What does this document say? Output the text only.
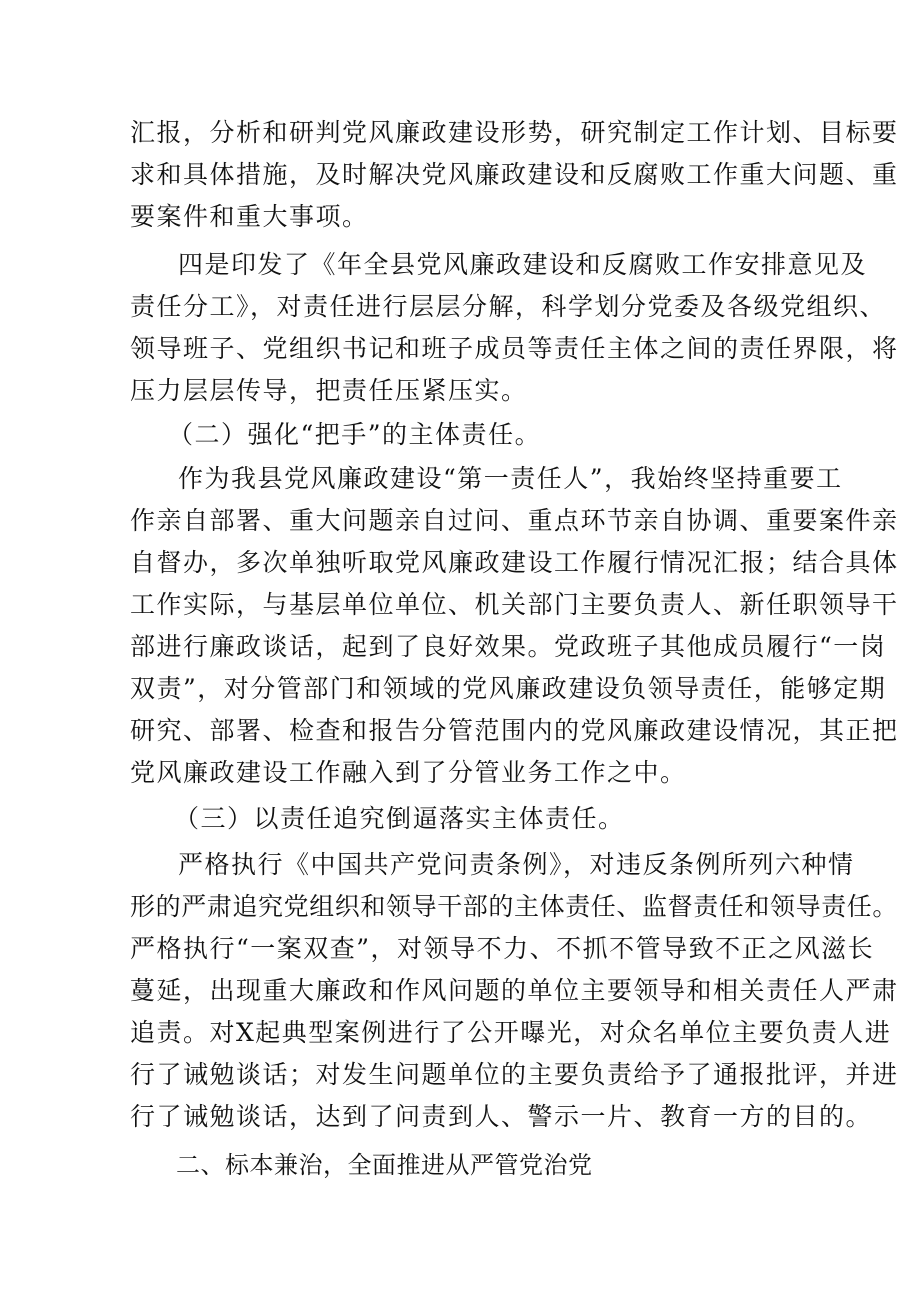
汇报，分析和研判党风廉政建设形势，研究制定工作计划、目标要
求和具体措施，及时解决党风廉政建设和反腐败工作重大问题、重
要案件和重大事项。
四是印发了《年全县党风廉政建设和反腐败工作安排意见及
责任分工》，对责任进行层层分解，科学划分党委及各级党组织、
领导班子、党组织书记和班子成员等责任主体之间的责任界限，将
压力层层传导，把责任压紧压实。
（二）强化“把手”的主体责任。
作为我县党风廉政建设“第一责任人”，我始终坚持重要工
作亲自部署、重大问题亲自过问、重点环节亲自协调、重要案件亲
自督办，多次单独听取党风廉政建设工作履行情况汇报；结合具体
工作实际，与基层单位单位、机关部门主要负责人、新任职领导干
部进行廉政谈话，起到了良好效果。党政班子其他成员履行“一岗
双责”，对分管部门和领域的党风廉政建设负领导责任，能够定期
研究、部署、检查和报告分管范围内的党风廉政建设情况，其正把
党风廉政建设工作融入到了分管业务工作之中。
（三）以责任追究倒逼落实主体责任。
严格执行《中国共产党问责条例》，对违反条例所列六种情
形的严肃追究党组织和领导干部的主体责任、监督责任和领导责任。
严格执行“一案双查”，对领导不力、不抓不管导致不正之风滋长
蔓延，出现重大廉政和作风问题的单位主要领导和相关责任人严肃
追责。对X起典型案例进行了公开曝光，对众名单位主要负责人进
行了诫勉谈话；对发生问题单位的主要负责给予了通报批评，并进
行了诫勉谈话，达到了问责到人、警示一片、教育一方的目的。
二、标本兼治，全面推进从严管党治党
